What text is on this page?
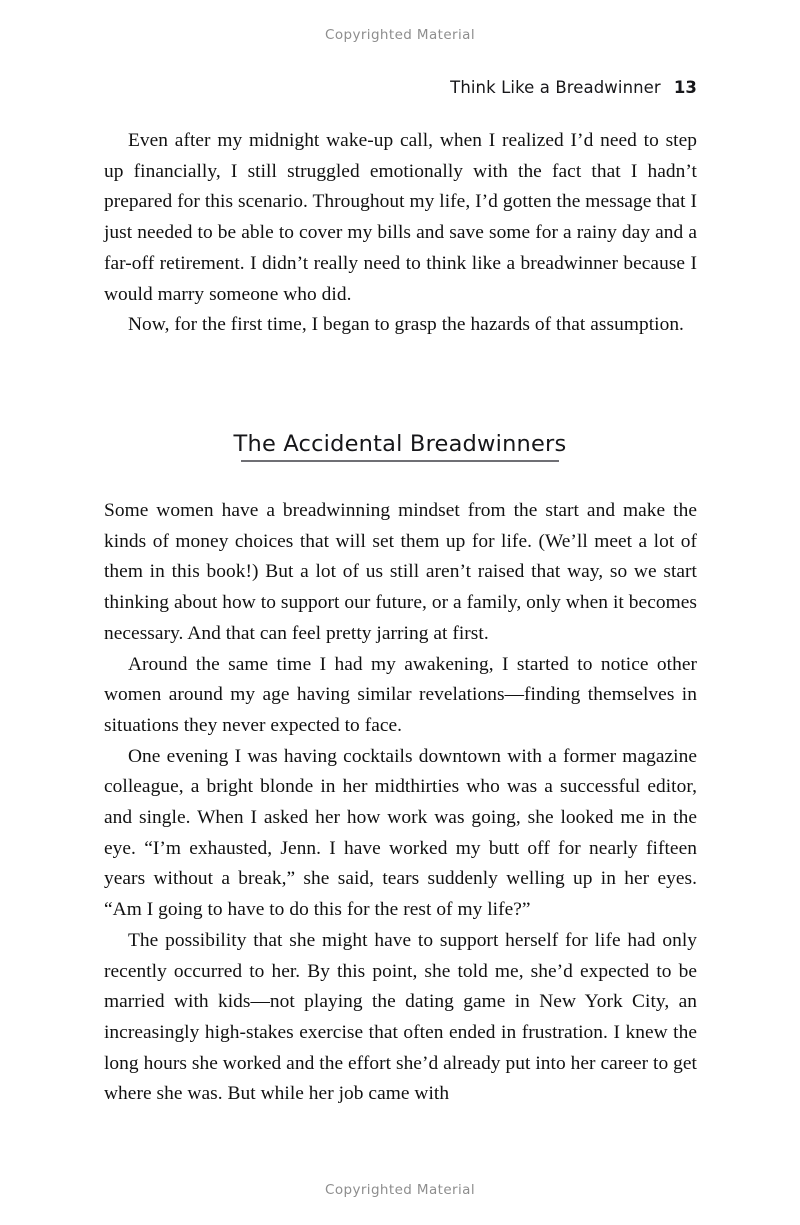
Copyrighted Material
Think Like a Breadwinner 13

Even after my midnight wake-up call, when I realized I’d need to step up financially, I still struggled emotionally with the fact that I hadn’t prepared for this scenario. Throughout my life, I’d gotten the message that I just needed to be able to cover my bills and save some for a rainy day and a far-off retirement. I didn’t really need to think like a breadwinner because I would marry someone who did.

Now, for the first time, I began to grasp the hazards of that assumption.

The Accidental Breadwinners

Some women have a breadwinning mindset from the start and make the kinds of money choices that will set them up for life. (We’ll meet a lot of them in this book!) But a lot of us still aren’t raised that way, so we start thinking about how to support our future, or a family, only when it becomes necessary. And that can feel pretty jarring at first.

Around the same time I had my awakening, I started to notice other women around my age having similar revelations—finding themselves in situations they never expected to face.

One evening I was having cocktails downtown with a former magazine colleague, a bright blonde in her midthirties who was a successful editor, and single. When I asked her how work was going, she looked me in the eye. “I’m exhausted, Jenn. I have worked my butt off for nearly fifteen years without a break,” she said, tears suddenly welling up in her eyes. “Am I going to have to do this for the rest of my life?”

The possibility that she might have to support herself for life had only recently occurred to her. By this point, she told me, she’d expected to be married with kids—not playing the dating game in New York City, an increasingly high-stakes exercise that often ended in frustration. I knew the long hours she worked and the effort she’d already put into her career to get where she was. But while her job came with

Copyrighted Material
